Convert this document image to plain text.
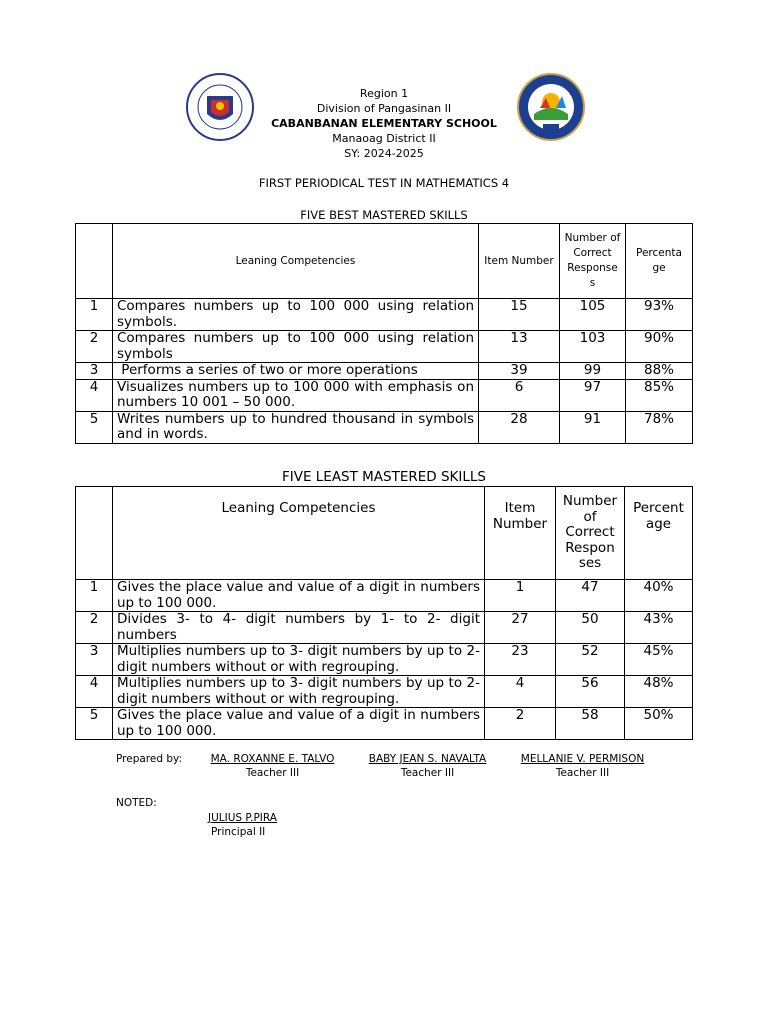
Region 1
Division of Pangasinan II
CABANBANAN ELEMENTARY SCHOOL
Manaoag District II
SY: 2024-2025
FIRST PERIODICAL TEST IN MATHEMATICS 4
FIVE BEST MASTERED SKILLS
	Leaning Competencies	Item Number	Number of Correct Response s	Percenta ge
1	Compares numbers up to 100 000 using relation symbols.	15	105	93%
2	Compares numbers up to 100 000 using relation symbols	13	103	90%
3	Performs a series of two or more operations	39	99	88%
4	Visualizes numbers up to 100 000 with emphasis on numbers 10 001 – 50 000.	6	97	85%
5	Writes numbers up to hundred thousand in symbols and in words.	28	91	78%
FIVE LEAST MASTERED SKILLS
	Leaning Competencies	Item Number	Number of Correct Respon ses	Percent age
1	Gives the place value and value of a digit in numbers up to 100 000.	1	47	40%
2	Divides 3- to 4- digit numbers by 1- to 2- digit numbers	27	50	43%
3	Multiplies numbers up to 3- digit numbers by up to 2- digit numbers without or with regrouping.	23	52	45%
4	Multiplies numbers up to 3- digit numbers by up to 2- digit numbers without or with regrouping.	4	56	48%
5	Gives the place value and value of a digit in numbers up to 100 000.	2	58	50%
Prepared by:	MA. ROXANNE E. TALVO
Teacher III
BABY JEAN S. NAVALTA
Teacher III
MELLANIE V. PERMISON
Teacher III
NOTED:
JULIUS P.PIRA
Principal II
